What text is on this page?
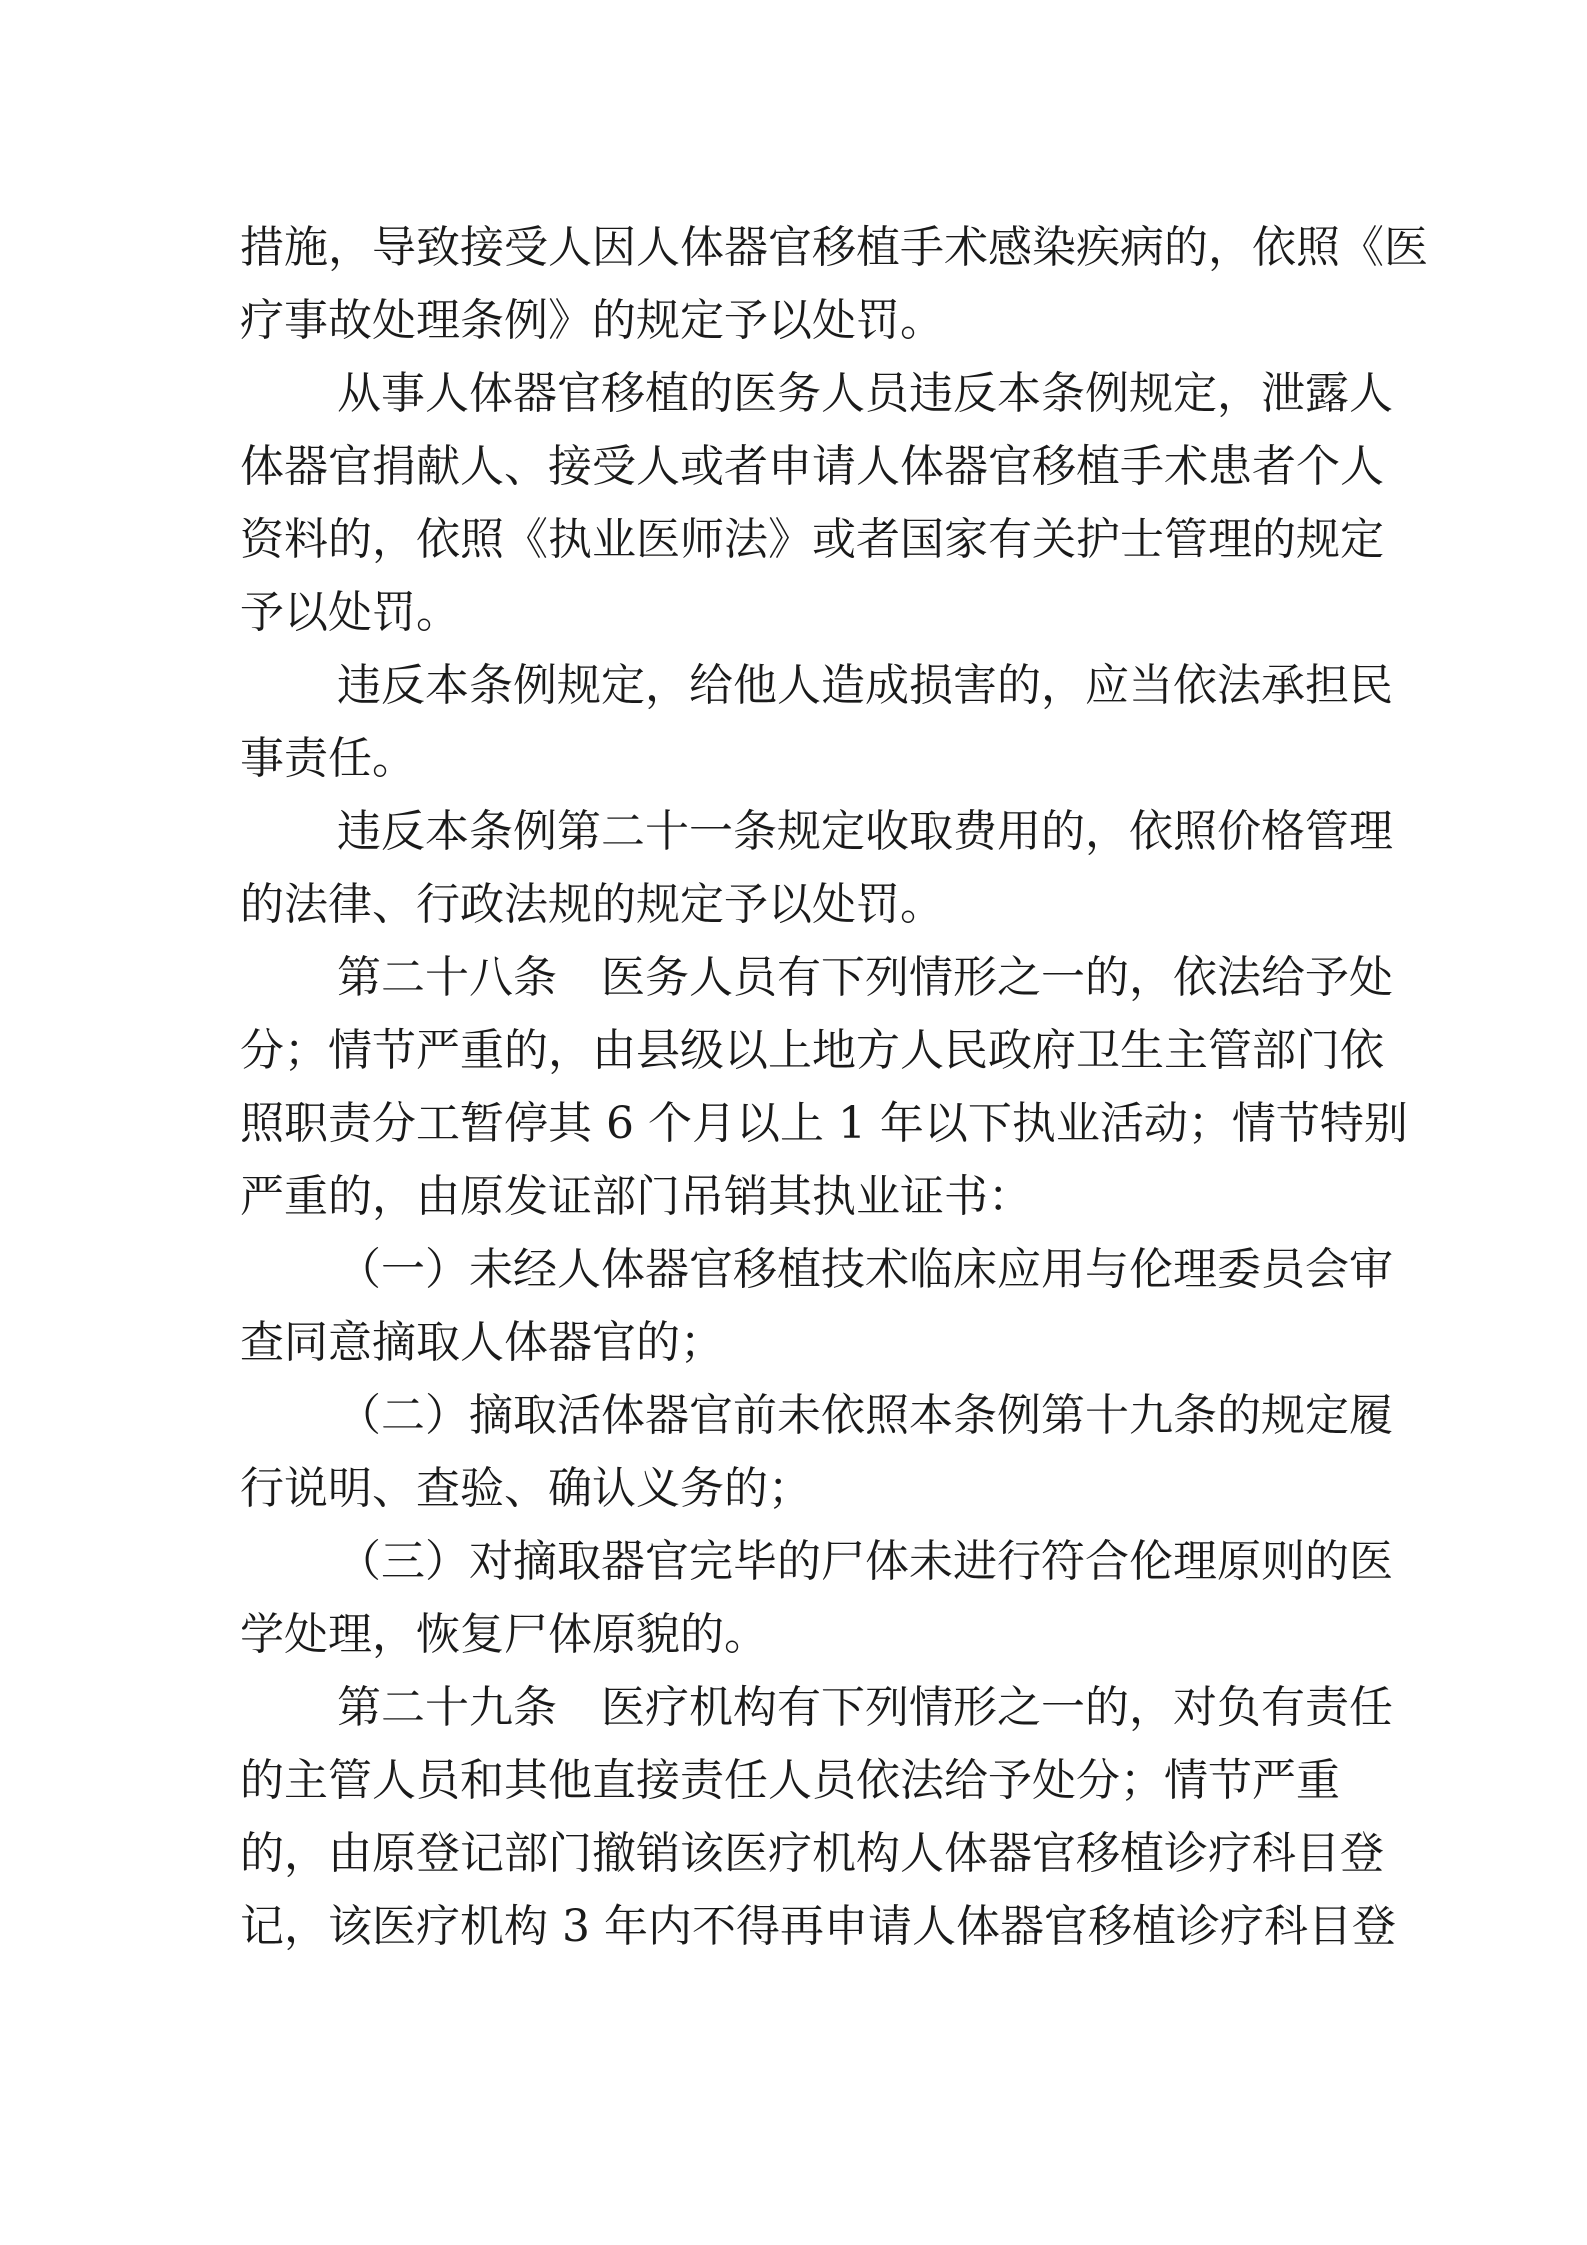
措施，导致接受人因人体器官移植手术感染疾病的，依照《医
疗事故处理条例》的规定予以处罚。
从事人体器官移植的医务人员违反本条例规定，泄露人
体器官捐献人、接受人或者申请人体器官移植手术患者个人
资料的，依照《执业医师法》或者国家有关护士管理的规定
予以处罚。
违反本条例规定，给他人造成损害的，应当依法承担民
事责任。
违反本条例第二十一条规定收取费用的，依照价格管理
的法律、行政法规的规定予以处罚。
第二十八条　医务人员有下列情形之一的，依法给予处
分；情节严重的，由县级以上地方人民政府卫生主管部门依
照职责分工暂停其 6 个月以上 1 年以下执业活动；情节特别
严重的，由原发证部门吊销其执业证书：
（一）未经人体器官移植技术临床应用与伦理委员会审
查同意摘取人体器官的；
（二）摘取活体器官前未依照本条例第十九条的规定履
行说明、查验、确认义务的；
（三）对摘取器官完毕的尸体未进行符合伦理原则的医
学处理，恢复尸体原貌的。
第二十九条　医疗机构有下列情形之一的，对负有责任
的主管人员和其他直接责任人员依法给予处分；情节严重
的，由原登记部门撤销该医疗机构人体器官移植诊疗科目登
记，该医疗机构 3 年内不得再申请人体器官移植诊疗科目登
